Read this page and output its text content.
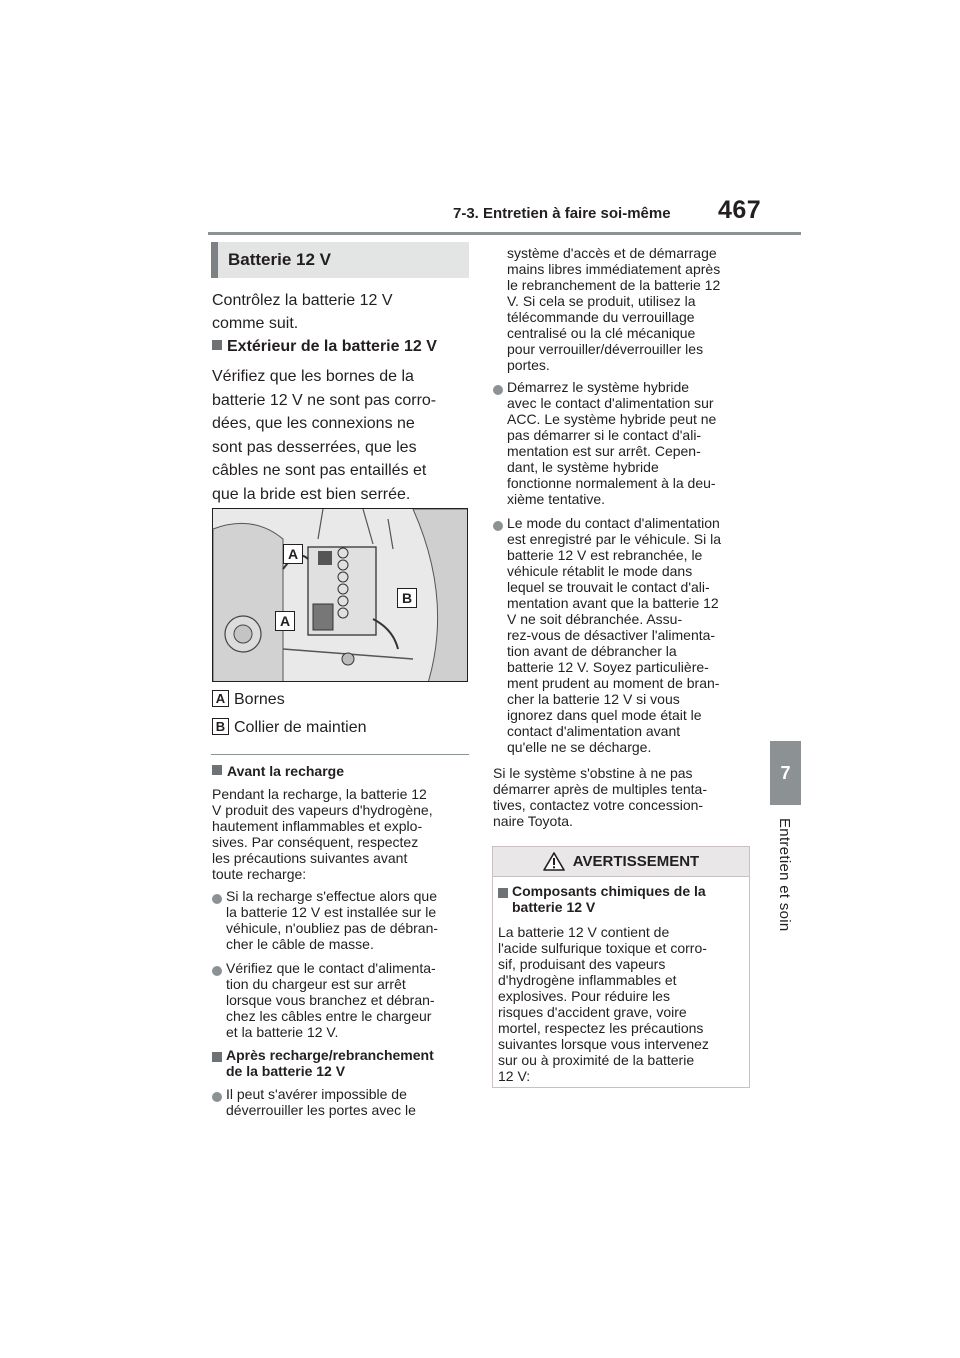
7-3. Entretien à faire soi-même 467
7
Entretien et soin
Batterie 12 V
Contrôlez la batterie 12 V
comme suit.
Extérieur de la batterie 12 V
Vérifiez que les bornes de la
batterie 12 V ne sont pas corro-
dées, que les connexions ne
sont pas desserrées, que les
câbles ne sont pas entaillés et
que la bride est bien serrée.
A
A
B
A Bornes
B Collier de maintien
Avant la recharge
Pendant la recharge, la batterie 12
V produit des vapeurs d'hydrogène,
hautement inflammables et explo-
sives. Par conséquent, respectez
les précautions suivantes avant
toute recharge:
Si la recharge s'effectue alors que
la batterie 12 V est installée sur le
véhicule, n'oubliez pas de débran-
cher le câble de masse.
Vérifiez que le contact d'alimenta-
tion du chargeur est sur arrêt
lorsque vous branchez et débran-
chez les câbles entre le chargeur
et la batterie 12 V.
Après recharge/rebranchement
de la batterie 12 V
Il peut s'avérer impossible de
déverrouiller les portes avec le
système d'accès et de démarrage
mains libres immédiatement après
le rebranchement de la batterie 12
V. Si cela se produit, utilisez la
télécommande du verrouillage
centralisé ou la clé mécanique
pour verrouiller/déverrouiller les
portes.
Démarrez le système hybride
avec le contact d'alimentation sur
ACC. Le système hybride peut ne
pas démarrer si le contact d'ali-
mentation est sur arrêt. Cepen-
dant, le système hybride
fonctionne normalement à la deu-
xième tentative.
Le mode du contact d'alimentation
est enregistré par le véhicule. Si la
batterie 12 V est rebranchée, le
véhicule rétablit le mode dans
lequel se trouvait le contact d'ali-
mentation avant que la batterie 12
V ne soit débranchée. Assu-
rez-vous de désactiver l'alimenta-
tion avant de débrancher la
batterie 12 V. Soyez particulière-
ment prudent au moment de bran-
cher la batterie 12 V si vous
ignorez dans quel mode était le
contact d'alimentation avant
qu'elle ne se décharge.
Si le système s'obstine à ne pas
démarrer après de multiples tenta-
tives, contactez votre concession-
naire Toyota.
AVERTISSEMENT
Composants chimiques de la
batterie 12 V
La batterie 12 V contient de
l'acide sulfurique toxique et corro-
sif, produisant des vapeurs
d'hydrogène inflammables et
explosives. Pour réduire les
risques d'accident grave, voire
mortel, respectez les précautions
suivantes lorsque vous intervenez
sur ou à proximité de la batterie
12 V:
